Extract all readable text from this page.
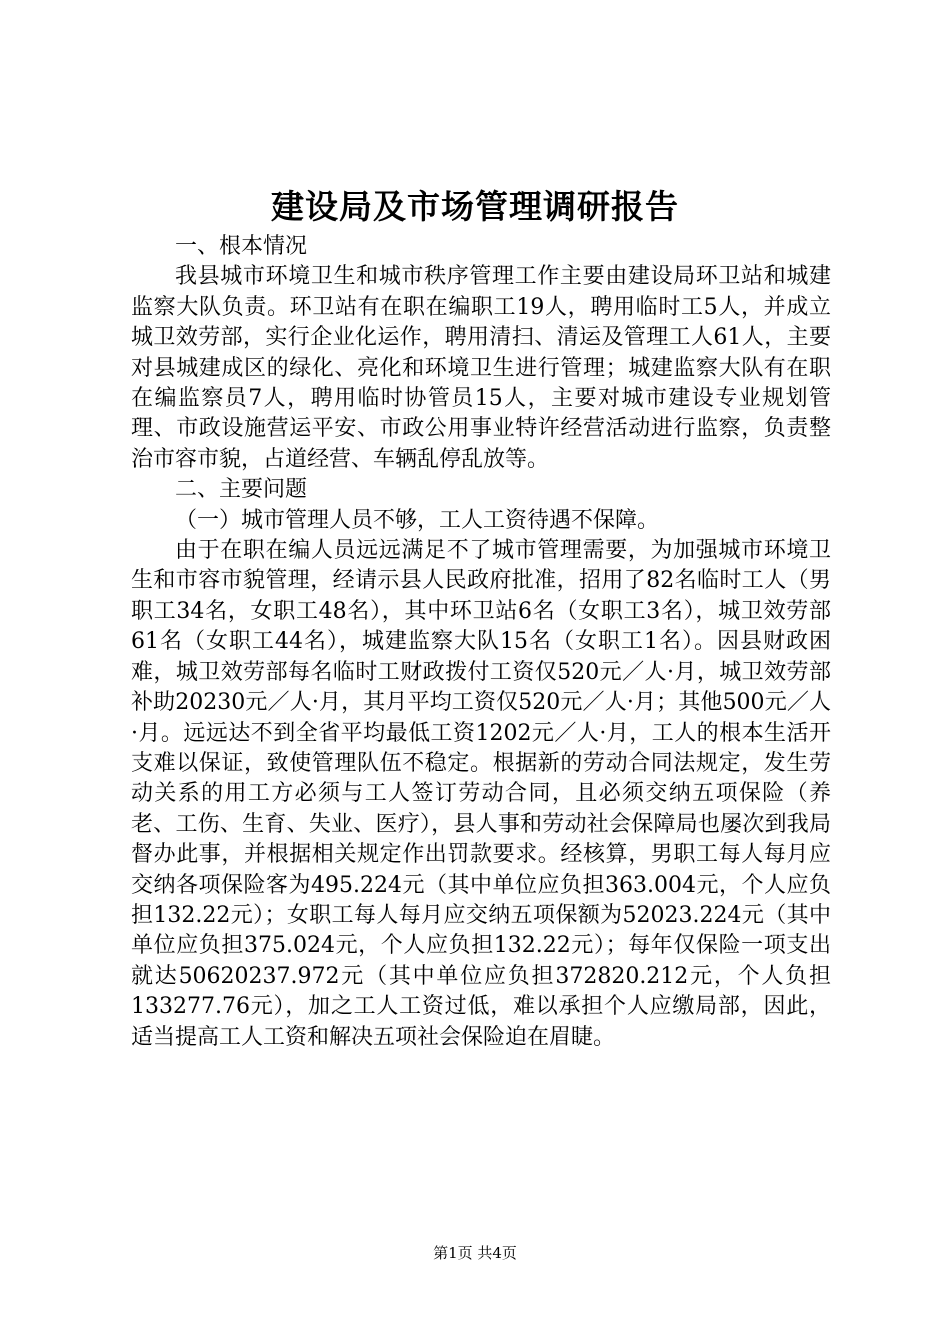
建设局及市场管理调研报告

一、根本情况

我县城市环境卫生和城市秩序管理工作主要由建设局环卫站和城建监察大队负责。环卫站有在职在编职工19人，聘用临时工5人，并成立城卫效劳部，实行企业化运作，聘用清扫、清运及管理工人61人，主要对县城建成区的绿化、亮化和环境卫生进行管理；城建监察大队有在职在编监察员7人，聘用临时协管员15人，主要对城市建设专业规划管理、市政设施营运平安、市政公用事业特许经营活动进行监察，负责整治市容市貌，占道经营、车辆乱停乱放等。

二、主要问题

（一）城市管理人员不够，工人工资待遇不保障。

由于在职在编人员远远满足不了城市管理需要，为加强城市环境卫生和市容市貌管理，经请示县人民政府批准，招用了82名临时工人（男职工34名，女职工48名），其中环卫站6名（女职工3名），城卫效劳部61名（女职工44名），城建监察大队15名（女职工1名）。因县财政困难，城卫效劳部每名临时工财政拨付工资仅520元／人·月，城卫效劳部补助20230元／人·月，其月平均工资仅520元／人·月；其他500元／人·月。远远达不到全省平均最低工资1202元／人·月，工人的根本生活开支难以保证，致使管理队伍不稳定。根据新的劳动合同法规定，发生劳动关系的用工方必须与工人签订劳动合同，且必须交纳五项保险（养老、工伤、生育、失业、医疗），县人事和劳动社会保障局也屡次到我局督办此事，并根据相关规定作出罚款要求。经核算，男职工每人每月应交纳各项保险客为495.224元（其中单位应负担363.004元，个人应负担132.22元）；女职工每人每月应交纳五项保额为52023.224元（其中单位应负担375.024元，个人应负担132.22元）；每年仅保险一项支出就达50620237.972元（其中单位应负担372820.212元，个人负担133277.76元），加之工人工资过低，难以承担个人应缴局部，因此，适当提高工人工资和解决五项社会保险迫在眉睫。

第1页 共4页
